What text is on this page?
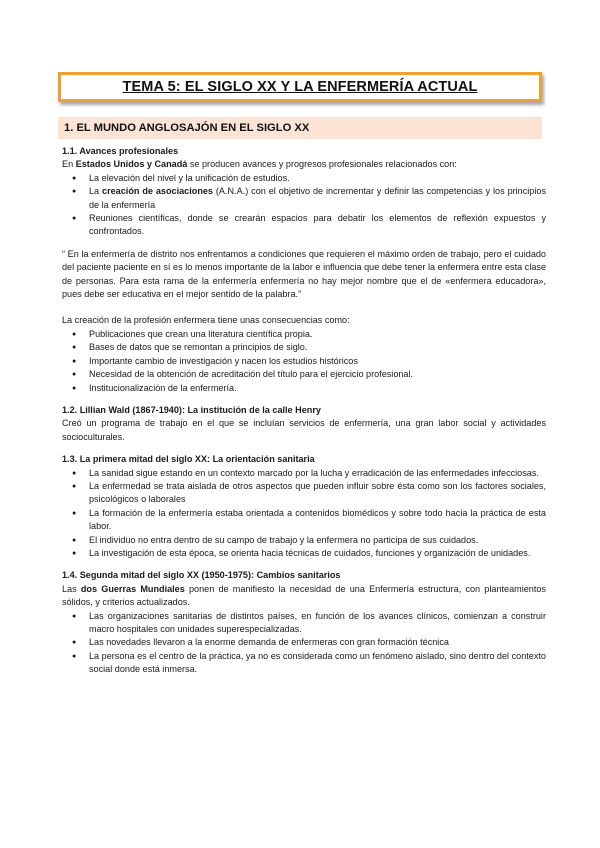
TEMA 5: EL SIGLO XX Y LA ENFERMERÍA ACTUAL
1. EL MUNDO ANGLOSAJÓN EN EL SIGLO XX

1.1. Avances profesionales

En Estados Unidos y Canadá se producen avances y progresos profesionales relacionados con:

● La elevación del nivel y la unificación de estudios.
● La creación de asociaciones (A.N.A.) con el objetivo de incrementar y definir las competencias y los principios de la enfermería
● Reuniones científicas, donde se crearán espacios para debatir los elementos de reflexión expuestos y confrontados.

“ En la enfermería de distrito nos enfrentamos a condiciones que requieren el máximo orden de trabajo, pero el cuidado del paciente paciente en sí es lo menos importante de la labor e influencia que debe tener la enfermera entre esta clase de personas. Para esta rama de la enfermería enfermería no hay mejor nombre que el de «enfermera educadora», pues debe ser educativa en el mejor sentido de la palabra.”

La creación de la profesión enfermera tiene unas consecuencias como:

● Publicaciones que crean una literatura científica propia.
● Bases de datos que se remontan a principios de siglo.
● Importante cambio de investigación y nacen los estudios históricos
● Necesidad de la obtención de acreditación del título para el ejercicio profesional.
● Institucionalización de la enfermería.

1.2. Lillian Wald (1867-1940): La institución de la calle Henry

Creó un programa de trabajo en el que se incluían servicios de enfermería, una gran labor social y actividades socioculturales.

1.3. La primera mitad del siglo XX: La orientación sanitaria

● La sanidad sigue estando en un contexto marcado por la lucha y erradicación de las enfermedades infecciosas.
● La enfermedad se trata aislada de otros aspectos que pueden influir sobre ésta como son los factores sociales, psicológicos o laborales
● La formación de la enfermería estaba orientada a contenidos biomédicos y sobre todo hacia la práctica de esta labor.
● El individuo no entra dentro de su campo de trabajo y la enfermera no participa de sus cuidados.
● La investigación de esta época, se orienta hacia técnicas de cuidados, funciones y organización de unidades.

1.4. Segunda mitad del siglo XX (1950-1975): Cambios sanitarios

Las dos Guerras Mundiales ponen de manifiesto la necesidad de una Enfermería estructura, con planteamientos sólidos, y criterios actualizados.

● Las organizaciones sanitarias de distintos países, en función de los avances clínicos, comienzan a construir macro hospitales con unidades superespecializadas.
● Las novedades llevaron a la enorme demanda de enfermeras con gran formación técnica
● La persona es el centro de la práctica, ya no es considerada como un fenómeno aislado, sino dentro del contexto social donde está inmersa.
